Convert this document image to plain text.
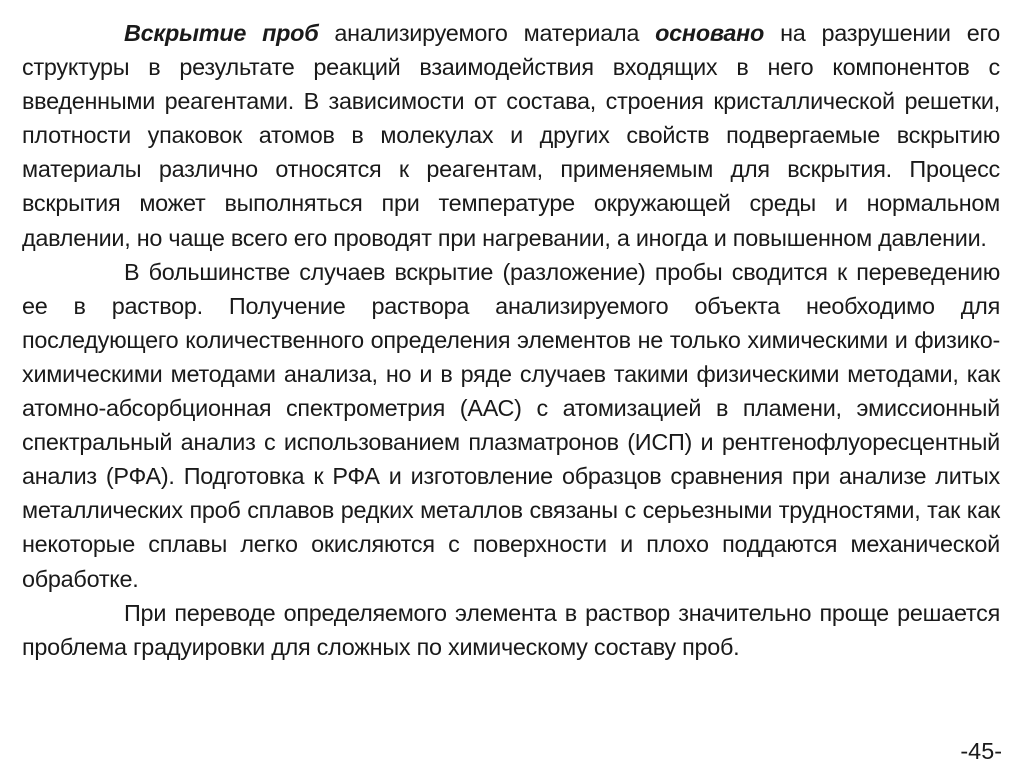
Вскрытие проб анализируемого материала основано на разрушении его структуры в результате реакций взаимодействия входящих в него компонентов с введенными реагентами. В зависимости от состава, строения кристаллической решетки, плотности упаковок атомов в молекулах и других свойств подвергаемые вскрытию материалы различно относятся к реагентам, применяемым для вскрытия. Процесс вскрытия может выполняться при температуре окружающей среды и нормальном давлении, но чаще всего его проводят при нагревании, а иногда и повышенном давлении.

В большинстве случаев вскрытие (разложение) пробы сводится к переведению ее в раствор. Получение раствора анализируемого объекта необходимо для последующего количественного определения элементов не только химическими и физико-химическими методами анализа, но и в ряде случаев такими физическими методами, как атомно-абсорбционная спектрометрия (ААС) с атомизацией в пламени, эмиссионный спектральный анализ с использованием плазматронов (ИСП) и рентгенофлуоресцентный анализ (РФА). Подготовка к РФА и изготовление образцов сравнения при анализе литых металлических проб сплавов редких металлов связаны с серьезными трудностями, так как некоторые сплавы легко окисляются с поверхности и плохо поддаются механической обработке.

При переводе определяемого элемента в раствор значительно проще решается проблема градуировки для сложных по химическому составу проб.

-45-
